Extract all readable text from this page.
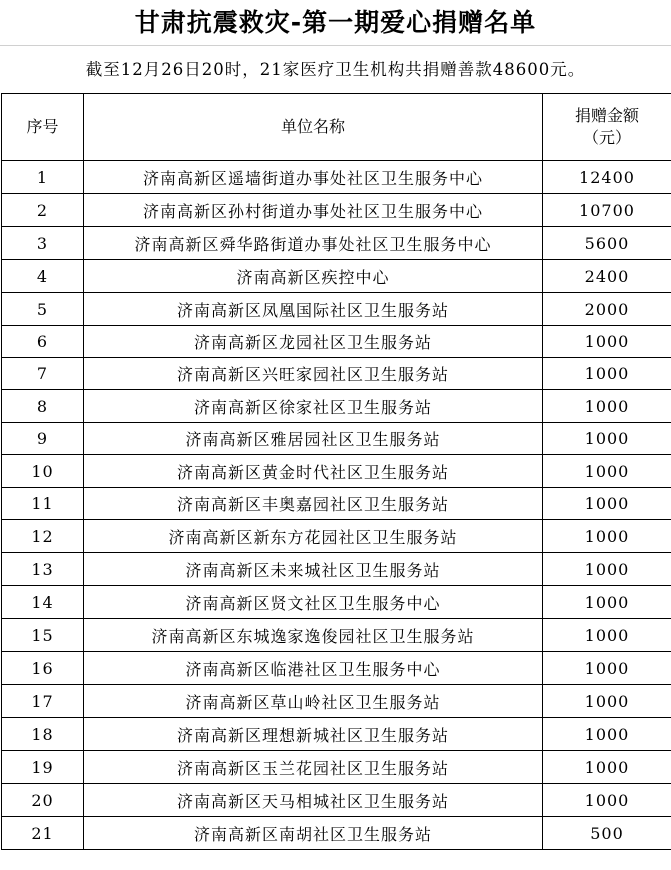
甘肃抗震救灾-第一期爱心捐赠名单
截至12月26日20时，21家医疗卫生机构共捐赠善款48600元。
序号	单位名称	捐赠金额
（元）

1	济南高新区遥墙街道办事处社区卫生服务中心	12400
2	济南高新区孙村街道办事处社区卫生服务中心	10700
3	济南高新区舜华路街道办事处社区卫生服务中心	5600
4	济南高新区疾控中心	2400
5	济南高新区凤凰国际社区卫生服务站	2000
6	济南高新区龙园社区卫生服务站	1000
7	济南高新区兴旺家园社区卫生服务站	1000
8	济南高新区徐家社区卫生服务站	1000
9	济南高新区雅居园社区卫生服务站	1000
10	济南高新区黄金时代社区卫生服务站	1000
11	济南高新区丰奥嘉园社区卫生服务站	1000
12	济南高新区新东方花园社区卫生服务站	1000
13	济南高新区未来城社区卫生服务站	1000
14	济南高新区贤文社区卫生服务中心	1000
15	济南高新区东城逸家逸俊园社区卫生服务站	1000
16	济南高新区临港社区卫生服务中心	1000
17	济南高新区草山岭社区卫生服务站	1000
18	济南高新区理想新城社区卫生服务站	1000
19	济南高新区玉兰花园社区卫生服务站	1000
20	济南高新区天马相城社区卫生服务站	1000
21	济南高新区南胡社区卫生服务站	500
